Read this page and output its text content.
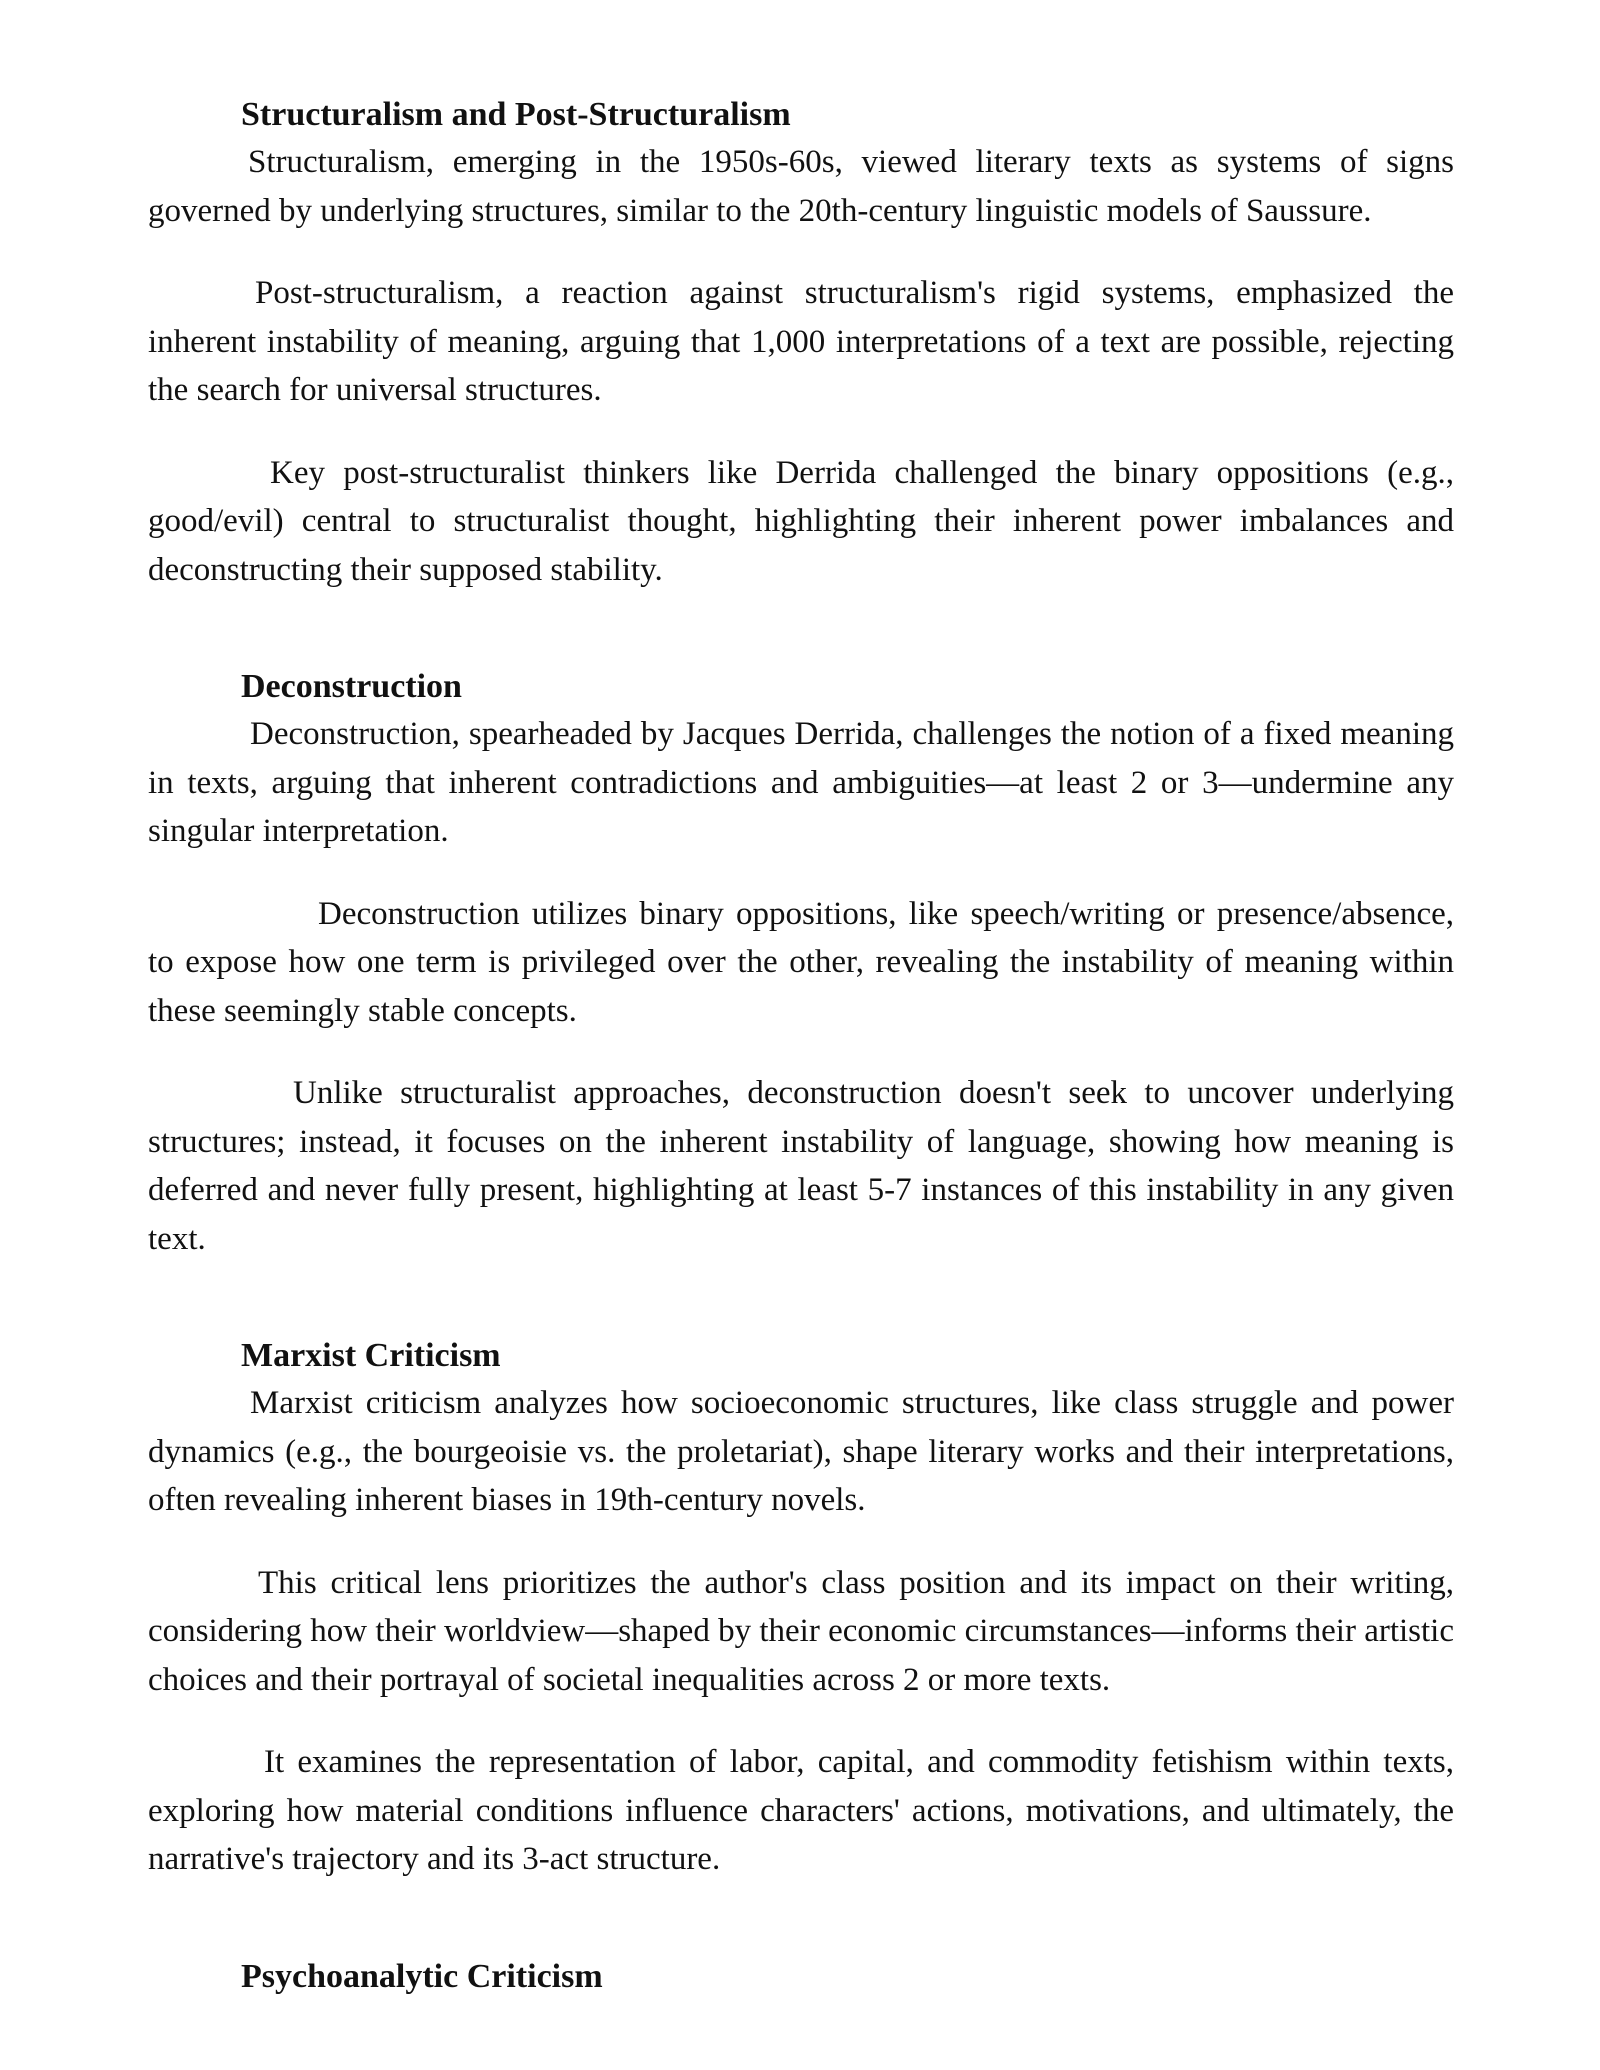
Structuralism and Post-Structuralism

Structuralism, emerging in the 1950s-60s, viewed literary texts as systems of signs governed by underlying structures, similar to the 20th-century linguistic models of Saussure.

Post-structuralism, a reaction against structuralism's rigid systems, emphasized the inherent instability of meaning, arguing that 1,000 interpretations of a text are possible, rejecting the search for universal structures.

Key post-structuralist thinkers like Derrida challenged the binary oppositions (e.g., good/evil) central to structuralist thought, highlighting their inherent power imbalances and deconstructing their supposed stability.

Deconstruction

Deconstruction, spearheaded by Jacques Derrida, challenges the notion of a fixed meaning in texts, arguing that inherent contradictions and ambiguities—at least 2 or 3—undermine any singular interpretation.

Deconstruction utilizes binary oppositions, like speech/writing or presence/absence, to expose how one term is privileged over the other, revealing the instability of meaning within these seemingly stable concepts.

Unlike structuralist approaches, deconstruction doesn't seek to uncover underlying structures; instead, it focuses on the inherent instability of language, showing how meaning is deferred and never fully present, highlighting at least 5-7 instances of this instability in any given text.

Marxist Criticism

Marxist criticism analyzes how socioeconomic structures, like class struggle and power dynamics (e.g., the bourgeoisie vs. the proletariat), shape literary works and their interpretations, often revealing inherent biases in 19th-century novels.

This critical lens prioritizes the author's class position and its impact on their writing, considering how their worldview—shaped by their economic circumstances—informs their artistic choices and their portrayal of societal inequalities across 2 or more texts.

It examines the representation of labor, capital, and commodity fetishism within texts, exploring how material conditions influence characters' actions, motivations, and ultimately, the narrative's trajectory and its 3-act structure.

Psychoanalytic Criticism
